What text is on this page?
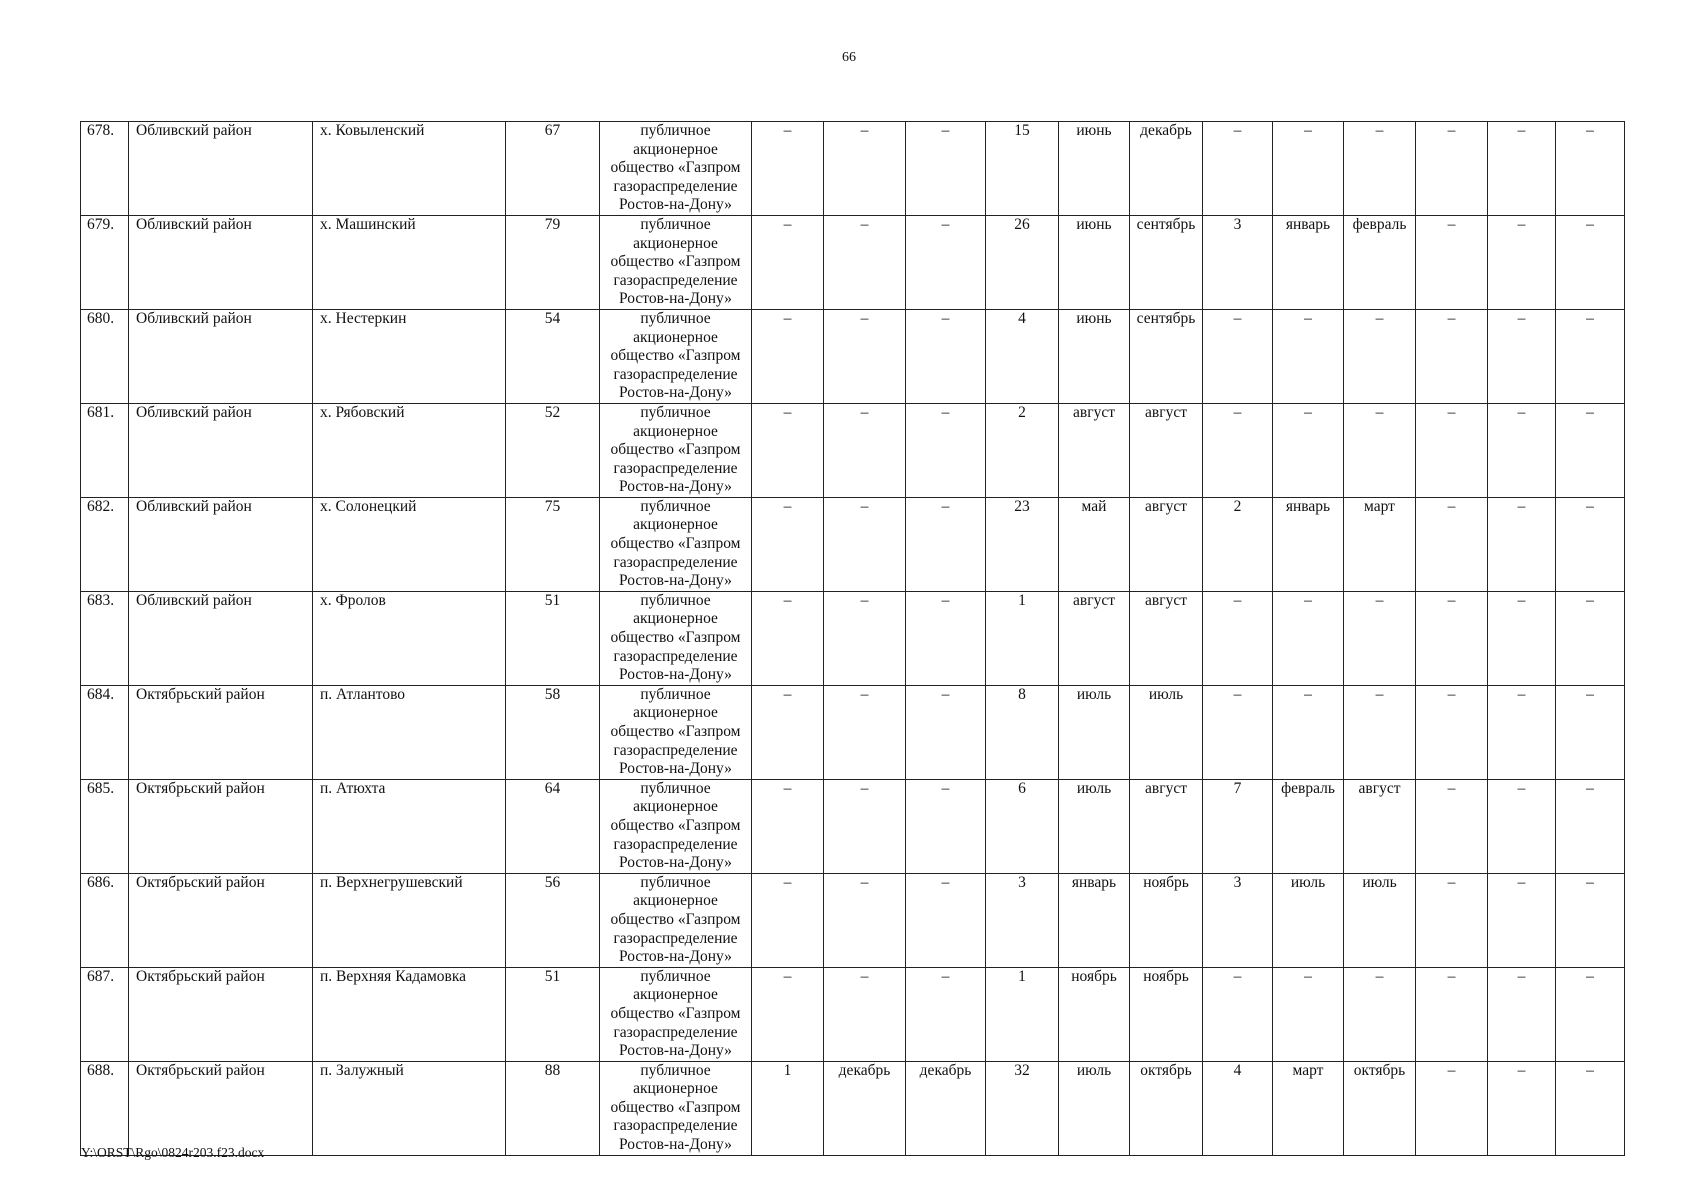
66
678.	Обливский район	х. Ковыленский	67	публичное акционерное общество «Газпром газораспределение Ростов-на-Дону»	–	–	–	15	июнь	декабрь	–	–	–	–	–	–
679.	Обливский район	х. Машинский	79	публичное акционерное общество «Газпром газораспределение Ростов-на-Дону»	–	–	–	26	июнь	сентябрь	3	январь	февраль	–	–	–
680.	Обливский район	х. Нестеркин	54	публичное акционерное общество «Газпром газораспределение Ростов-на-Дону»	–	–	–	4	июнь	сентябрь	–	–	–	–	–	–
681.	Обливский район	х. Рябовский	52	публичное акционерное общество «Газпром газораспределение Ростов-на-Дону»	–	–	–	2	август	август	–	–	–	–	–	–
682.	Обливский район	х. Солонецкий	75	публичное акционерное общество «Газпром газораспределение Ростов-на-Дону»	–	–	–	23	май	август	2	январь	март	–	–	–
683.	Обливский район	х. Фролов	51	публичное акционерное общество «Газпром газораспределение Ростов-на-Дону»	–	–	–	1	август	август	–	–	–	–	–	–
684.	Октябрьский район	п. Атлантово	58	публичное акционерное общество «Газпром газораспределение Ростов-на-Дону»	–	–	–	8	июль	июль	–	–	–	–	–	–
685.	Октябрьский район	п. Атюхта	64	публичное акционерное общество «Газпром газораспределение Ростов-на-Дону»	–	–	–	6	июль	август	7	февраль	август	–	–	–
686.	Октябрьский район	п. Верхнегрушевский	56	публичное акционерное общество «Газпром газораспределение Ростов-на-Дону»	–	–	–	3	январь	ноябрь	3	июль	июль	–	–	–
687.	Октябрьский район	п. Верхняя Кадамовка	51	публичное акционерное общество «Газпром газораспределение Ростов-на-Дону»	–	–	–	1	ноябрь	ноябрь	–	–	–	–	–	–
688.	Октябрьский район	п. Залужный	88	публичное акционерное общество «Газпром газораспределение Ростов-на-Дону»	1	декабрь	декабрь	32	июль	октябрь	4	март	октябрь	–	–	–
Y:\ORST\Rgo\0824r203.f23.docx
